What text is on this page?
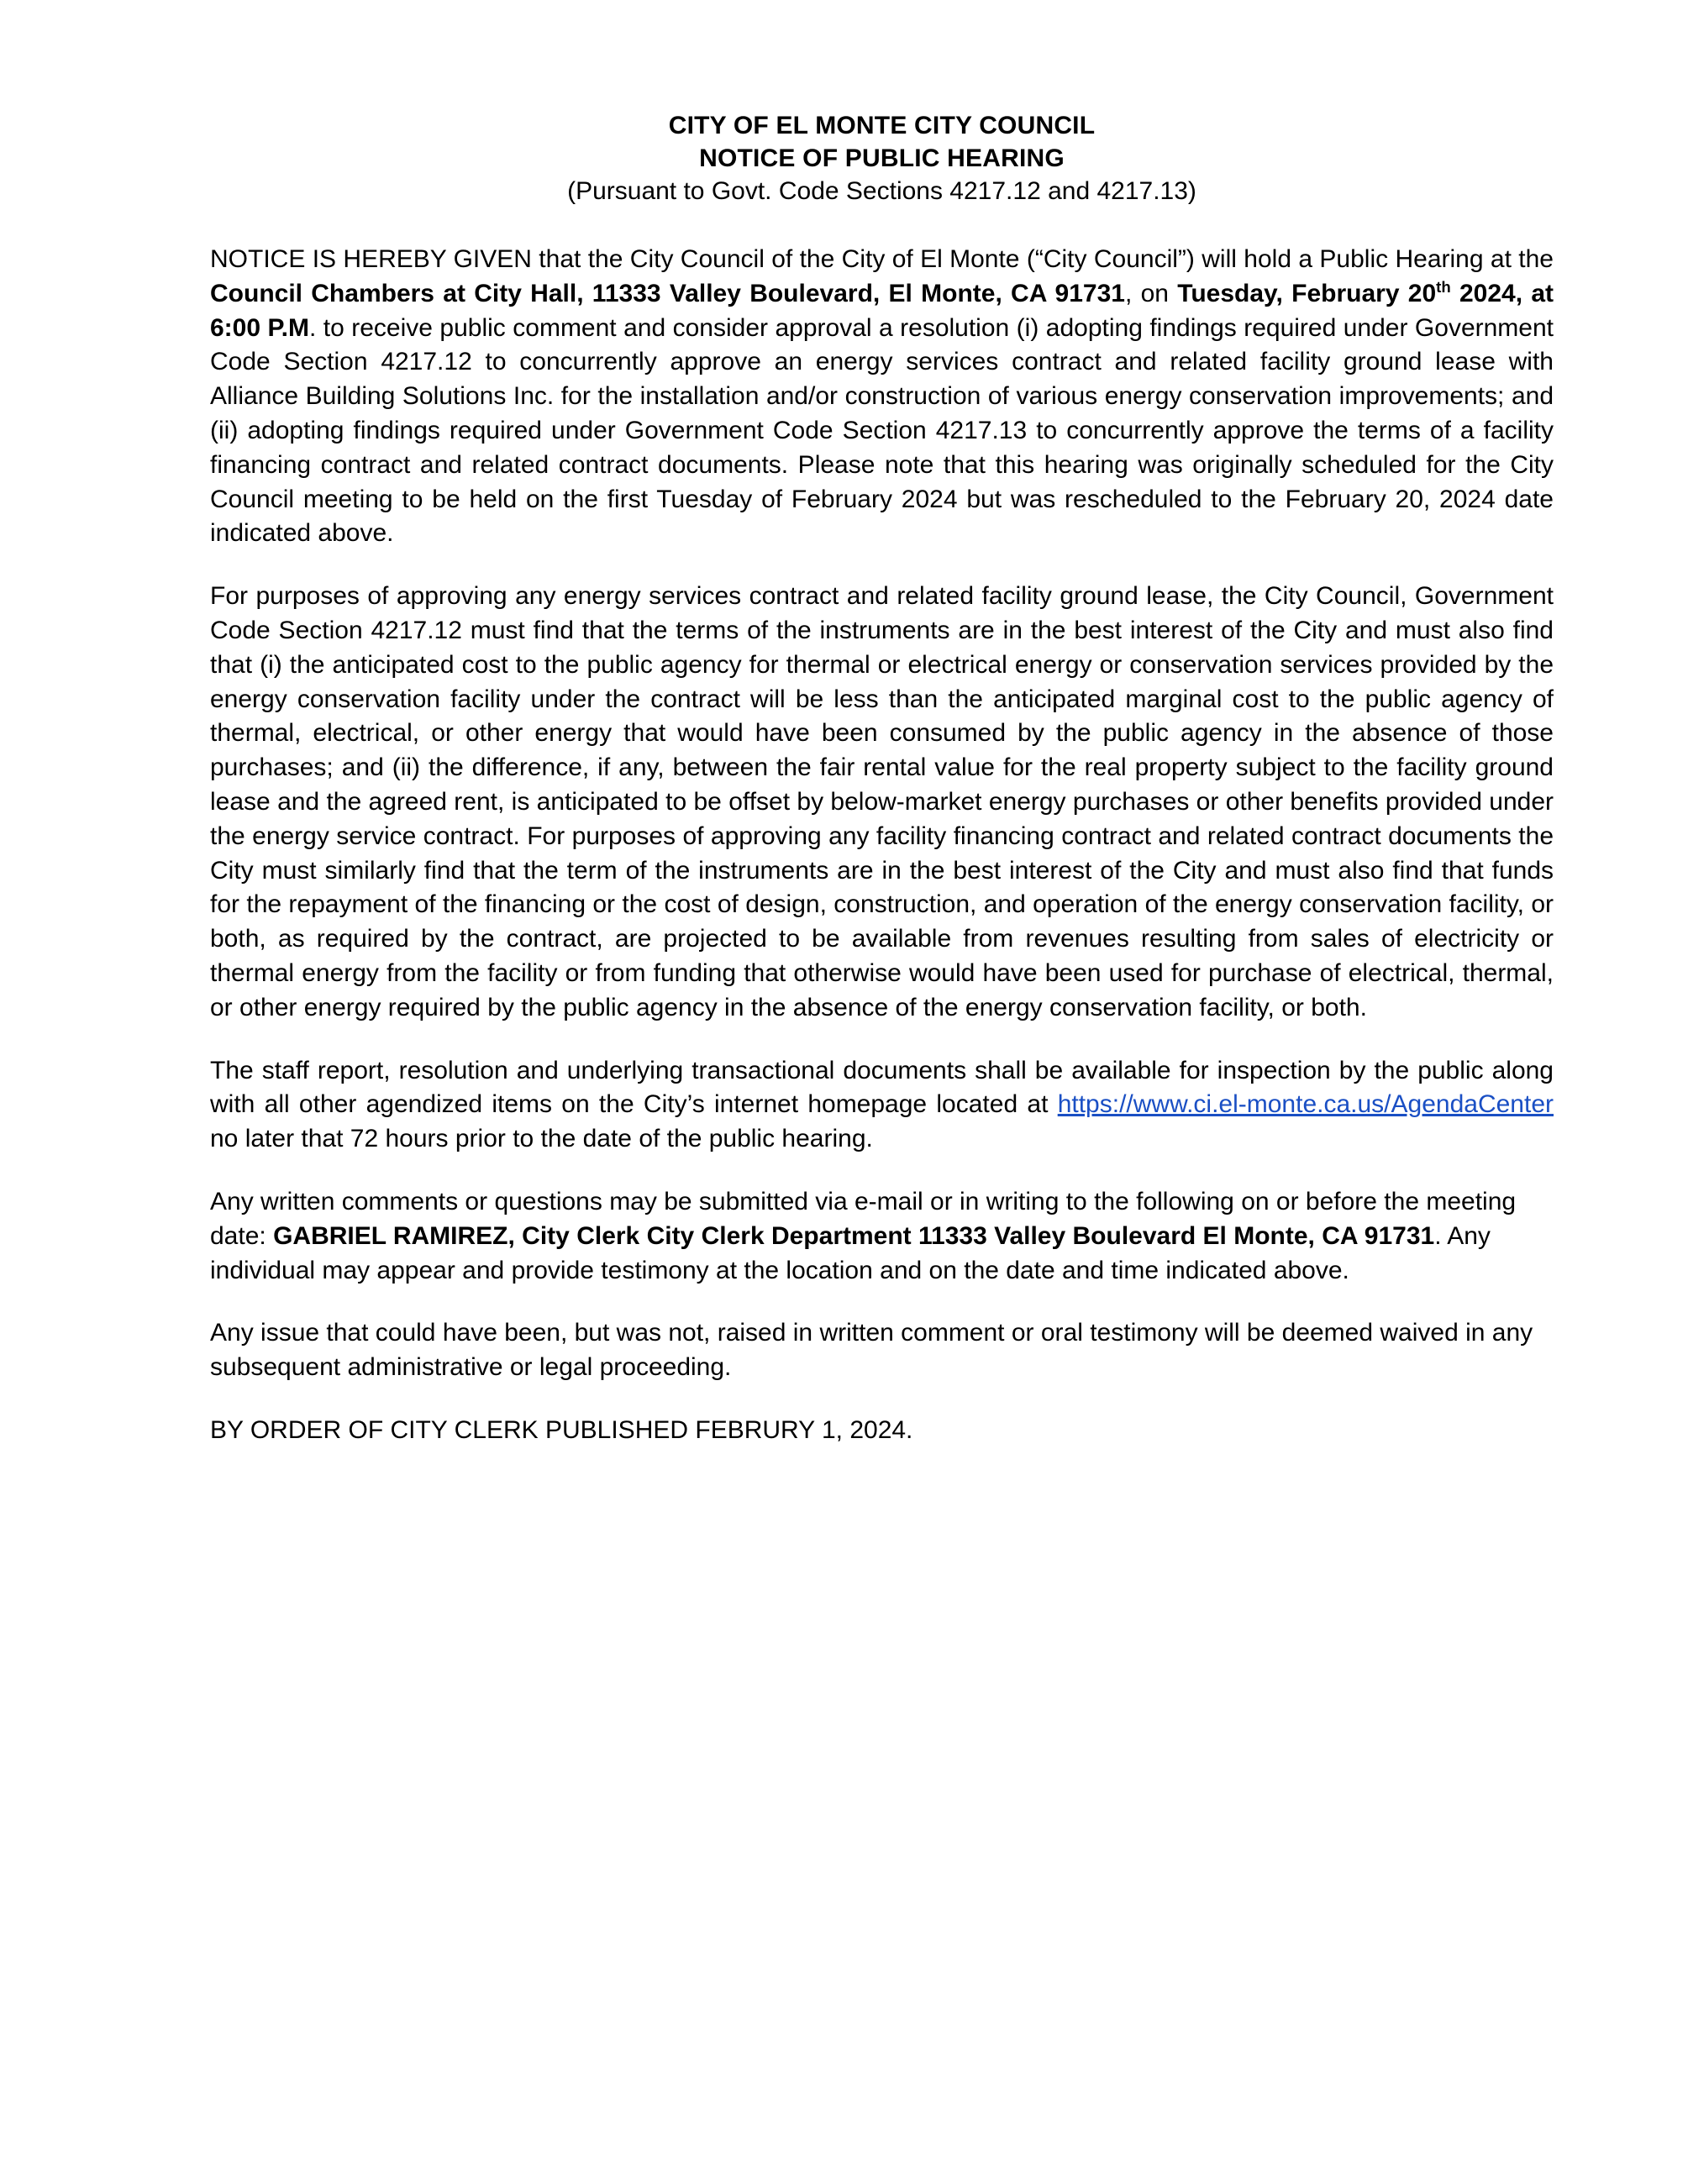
CITY OF EL MONTE CITY COUNCIL
NOTICE OF PUBLIC HEARING
(Pursuant to Govt. Code Sections 4217.12 and 4217.13)

NOTICE IS HEREBY GIVEN that the City Council of the City of El Monte (“City Council”) will hold a Public Hearing at the Council Chambers at City Hall, 11333 Valley Boulevard, El Monte, CA 91731, on Tuesday, February 20th 2024, at 6:00 P.M. to receive public comment and consider approval a resolution (i) adopting findings required under Government Code Section 4217.12 to concurrently approve an energy services contract and related facility ground lease with Alliance Building Solutions Inc. for the installation and/or construction of various energy conservation improvements; and (ii) adopting findings required under Government Code Section 4217.13 to concurrently approve the terms of a facility financing contract and related contract documents. Please note that this hearing was originally scheduled for the City Council meeting to be held on the first Tuesday of February 2024 but was rescheduled to the February 20, 2024 date indicated above.

For purposes of approving any energy services contract and related facility ground lease, the City Council, Government Code Section 4217.12 must find that the terms of the instruments are in the best interest of the City and must also find that (i) the anticipated cost to the public agency for thermal or electrical energy or conservation services provided by the energy conservation facility under the contract will be less than the anticipated marginal cost to the public agency of thermal, electrical, or other energy that would have been consumed by the public agency in the absence of those purchases; and (ii) the difference, if any, between the fair rental value for the real property subject to the facility ground lease and the agreed rent, is anticipated to be offset by below-market energy purchases or other benefits provided under the energy service contract. For purposes of approving any facility financing contract and related contract documents the City must similarly find that the term of the instruments are in the best interest of the City and must also find that funds for the repayment of the financing or the cost of design, construction, and operation of the energy conservation facility, or both, as required by the contract, are projected to be available from revenues resulting from sales of electricity or thermal energy from the facility or from funding that otherwise would have been used for purchase of electrical, thermal, or other energy required by the public agency in the absence of the energy conservation facility, or both.

The staff report, resolution and underlying transactional documents shall be available for inspection by the public along with all other agendized items on the City’s internet homepage located at https://www.ci.el-monte.ca.us/AgendaCenter no later that 72 hours prior to the date of the public hearing.

Any written comments or questions may be submitted via e-mail or in writing to the following on or before the meeting date: GABRIEL RAMIREZ, City Clerk City Clerk Department 11333 Valley Boulevard El Monte, CA 91731. Any individual may appear and provide testimony at the location and on the date and time indicated above.

Any issue that could have been, but was not, raised in written comment or oral testimony will be deemed waived in any subsequent administrative or legal proceeding.

BY ORDER OF CITY CLERK PUBLISHED FEBRURY 1, 2024.
